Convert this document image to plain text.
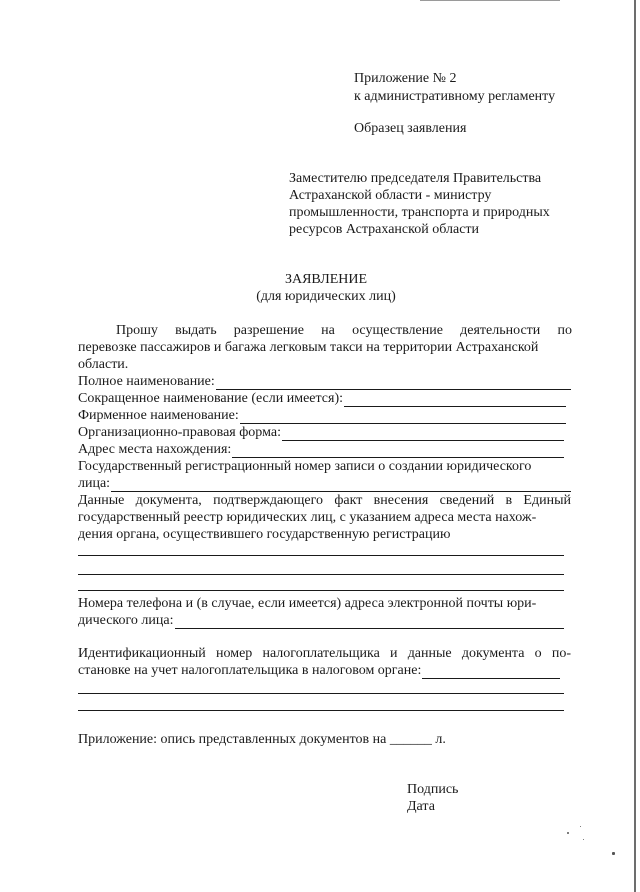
Приложение № 2
к административному регламенту
Образец заявления
Заместителю председателя Правительства
Астраханской области - министру
промышленности, транспорта и природных
ресурсов Астраханской области
ЗАЯВЛЕНИЕ
(для юридических лиц)
Прошу выдать разрешение на осуществление деятельности по
перевозке пассажиров и багажа легковым такси на территории Астраханской
области.
Полное наименование:
Сокращенное наименование (если имеется):
Фирменное наименование:
Организационно-правовая форма:
Адрес места нахождения:
Государственный регистрационный номер записи о создании юридического
лица:
Данные документа, подтверждающего факт внесения сведений в Единый
государственный реестр юридических лиц, с указанием адреса места нахож-
дения органа, осуществившего государственную регистрацию
Номера телефона и (в случае, если имеется) адреса электронной почты юри-
дического лица:
Идентификационный номер налогоплательщика и данные документа о по-
становке на учет налогоплательщика в налоговом органе:
Приложение: опись представленных документов на ______ л.
Подпись
Дата
